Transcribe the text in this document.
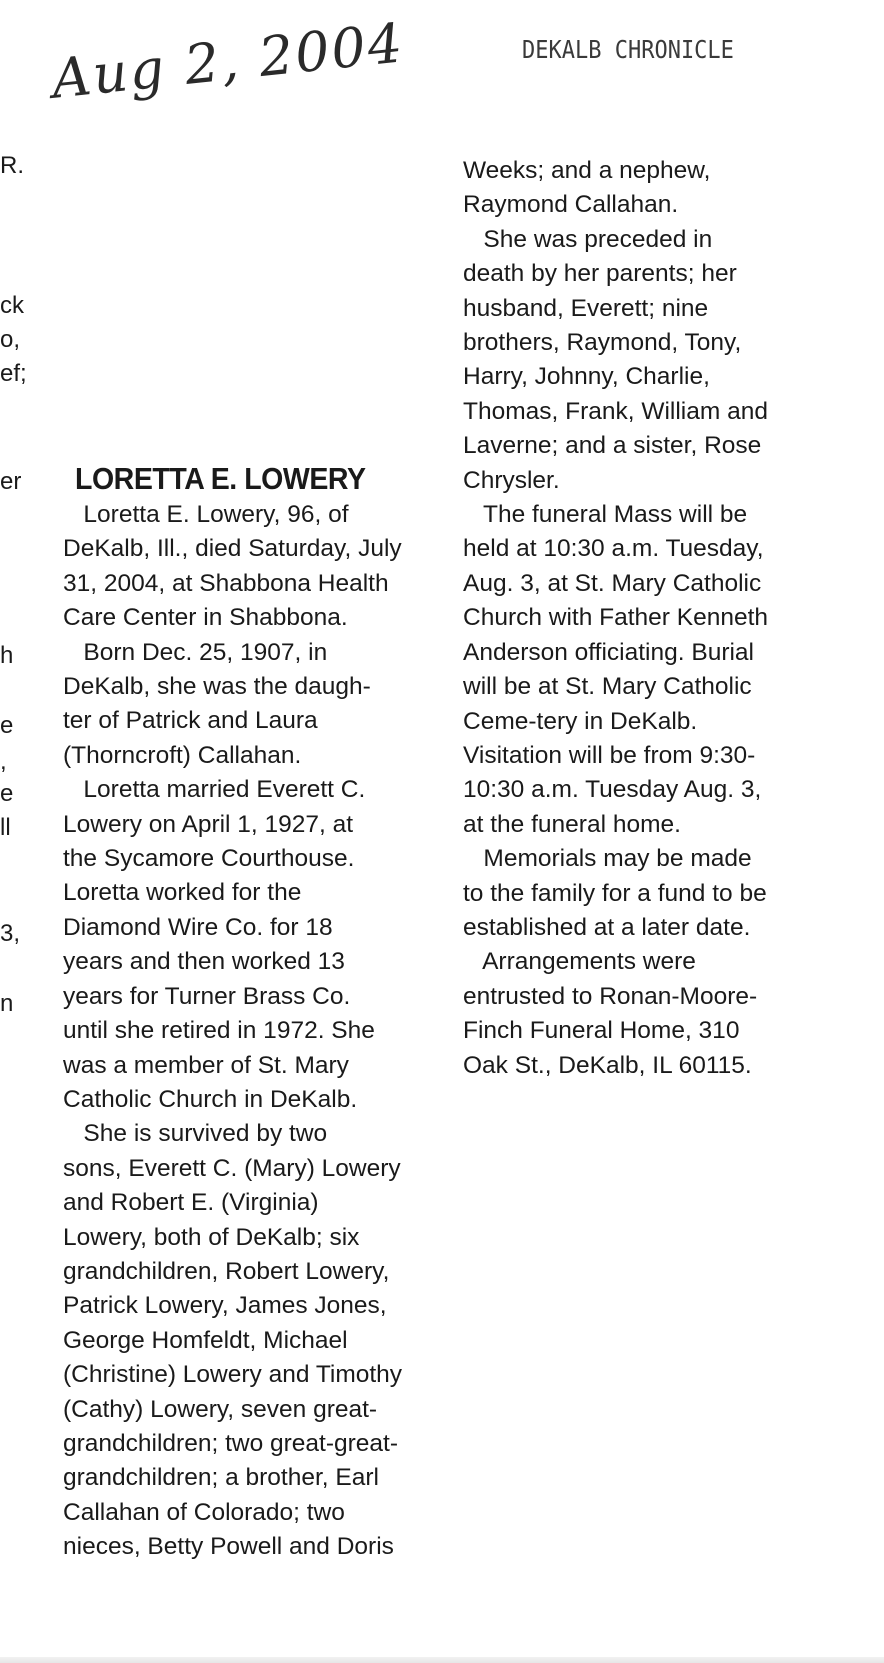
Aug 2, 2004	DEKALB CHRONICLE
R.
ck
o,
ef;
er
h
e
,
e
ll
3,
n
LORETTA E. LOWERY
Loretta E. Lowery, 96, of
DeKalb, Ill., died Saturday, July
31, 2004, at Shabbona Health
Care Center in Shabbona.
Born Dec. 25, 1907, in
DeKalb, she was the daugh-
ter of Patrick and Laura
(Thorncroft) Callahan.
Loretta married Everett C.
Lowery on April 1, 1927, at
the Sycamore Courthouse.
Loretta worked for the
Diamond Wire Co. for 18
years and then worked 13
years for Turner Brass Co.
until she retired in 1972. She
was a member of St. Mary
Catholic Church in DeKalb.
She is survived by two
sons, Everett C. (Mary) Lowery
and Robert E. (Virginia)
Lowery, both of DeKalb; six
grandchildren, Robert Lowery,
Patrick Lowery, James Jones,
George Homfeldt, Michael
(Christine) Lowery and Timothy
(Cathy) Lowery, seven great-
grandchildren; two great-great-
grandchildren; a brother, Earl
Callahan of Colorado; two
nieces, Betty Powell and Doris
Weeks; and a nephew,
Raymond Callahan.
She was preceded in
death by her parents; her
husband, Everett; nine
brothers, Raymond, Tony,
Harry, Johnny, Charlie,
Thomas, Frank, William and
Laverne; and a sister, Rose
Chrysler.
The funeral Mass will be
held at 10:30 a.m. Tuesday,
Aug. 3, at St. Mary Catholic
Church with Father Kenneth
Anderson officiating. Burial
will be at St. Mary Catholic
Ceme-tery in DeKalb.
Visitation will be from 9:30-
10:30 a.m. Tuesday Aug. 3,
at the funeral home.
Memorials may be made
to the family for a fund to be
established at a later date.
Arrangements were
entrusted to Ronan-Moore-
Finch Funeral Home, 310
Oak St., DeKalb, IL 60115.
